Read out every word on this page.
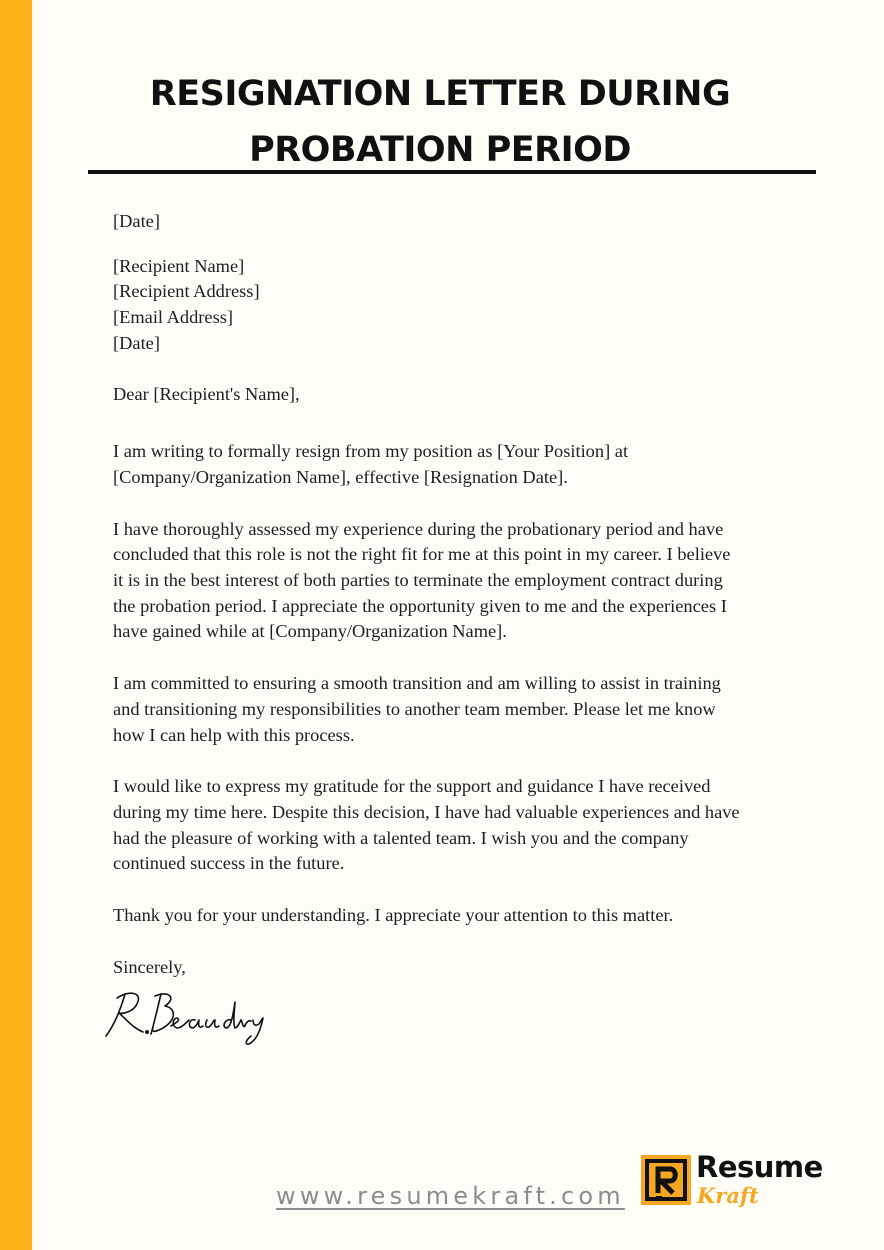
RESIGNATION LETTER DURING
PROBATION PERIOD
[Date]
[Recipient Name]
[Recipient Address]
[Email Address]
[Date]
Dear [Recipient's Name],
I am writing to formally resign from my position as [Your Position] at
[Company/Organization Name], effective [Resignation Date].
I have thoroughly assessed my experience during the probationary period and have
concluded that this role is not the right fit for me at this point in my career. I believe
it is in the best interest of both parties to terminate the employment contract during
the probation period. I appreciate the opportunity given to me and the experiences I
have gained while at [Company/Organization Name].
I am committed to ensuring a smooth transition and am willing to assist in training
and transitioning my responsibilities to another team member. Please let me know
how I can help with this process.
I would like to express my gratitude for the support and guidance I have received
during my time here. Despite this decision, I have had valuable experiences and have
had the pleasure of working with a talented team. I wish you and the company
continued success in the future.
Thank you for your understanding. I appreciate your attention to this matter.
Sincerely,
www.resumekraft.com
Resume
Kraft
